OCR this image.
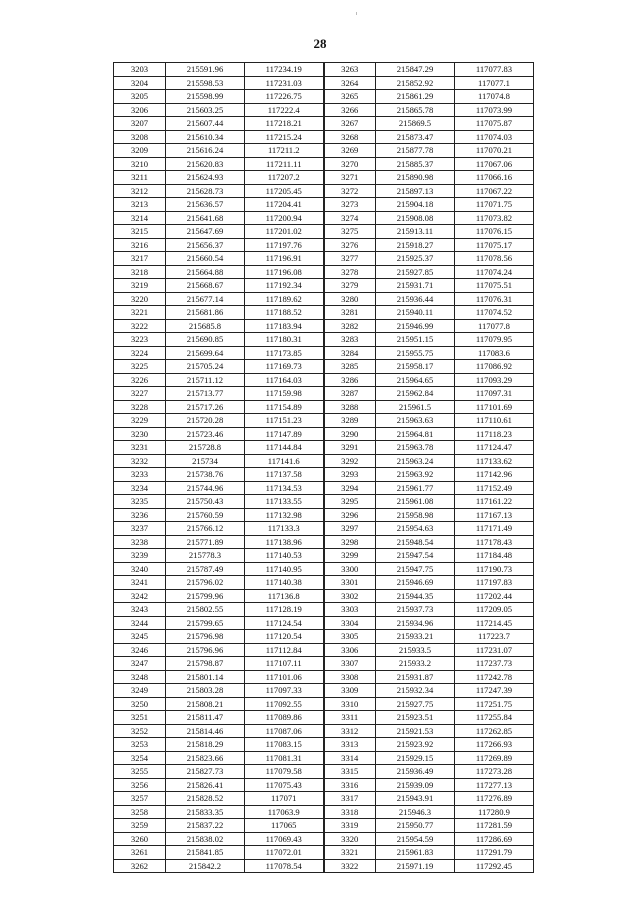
28
3203	215591.96	117234.19	3263	215847.29	117077.83
3204	215598.53	117231.03	3264	215852.92	117077.1
3205	215598.99	117226.75	3265	215861.29	117074.8
3206	215603.25	117222.4	3266	215865.78	117073.99
3207	215607.44	117218.21	3267	215869.5	117075.87
3208	215610.34	117215.24	3268	215873.47	117074.03
3209	215616.24	117211.2	3269	215877.78	117070.21
3210	215620.83	117211.11	3270	215885.37	117067.06
3211	215624.93	117207.2	3271	215890.98	117066.16
3212	215628.73	117205.45	3272	215897.13	117067.22
3213	215636.57	117204.41	3273	215904.18	117071.75
3214	215641.68	117200.94	3274	215908.08	117073.82
3215	215647.69	117201.02	3275	215913.11	117076.15
3216	215656.37	117197.76	3276	215918.27	117075.17
3217	215660.54	117196.91	3277	215925.37	117078.56
3218	215664.88	117196.08	3278	215927.85	117074.24
3219	215668.67	117192.34	3279	215931.71	117075.51
3220	215677.14	117189.62	3280	215936.44	117076.31
3221	215681.86	117188.52	3281	215940.11	117074.52
3222	215685.8	117183.94	3282	215946.99	117077.8
3223	215690.85	117180.31	3283	215951.15	117079.95
3224	215699.64	117173.85	3284	215955.75	117083.6
3225	215705.24	117169.73	3285	215958.17	117086.92
3226	215711.12	117164.03	3286	215964.65	117093.29
3227	215713.77	117159.98	3287	215962.84	117097.31
3228	215717.26	117154.89	3288	215961.5	117101.69
3229	215720.28	117151.23	3289	215963.63	117110.61
3230	215723.46	117147.89	3290	215964.81	117118.23
3231	215728.8	117144.84	3291	215963.78	117124.47
3232	215734	117141.6	3292	215963.24	117133.62
3233	215738.76	117137.58	3293	215963.92	117142.96
3234	215744.96	117134.53	3294	215961.77	117152.49
3235	215750.43	117133.55	3295	215961.08	117161.22
3236	215760.59	117132.98	3296	215958.98	117167.13
3237	215766.12	117133.3	3297	215954.63	117171.49
3238	215771.89	117138.96	3298	215948.54	117178.43
3239	215778.3	117140.53	3299	215947.54	117184.48
3240	215787.49	117140.95	3300	215947.75	117190.73
3241	215796.02	117140.38	3301	215946.69	117197.83
3242	215799.96	117136.8	3302	215944.35	117202.44
3243	215802.55	117128.19	3303	215937.73	117209.05
3244	215799.65	117124.54	3304	215934.96	117214.45
3245	215796.98	117120.54	3305	215933.21	117223.7
3246	215796.96	117112.84	3306	215933.5	117231.07
3247	215798.87	117107.11	3307	215933.2	117237.73
3248	215801.14	117101.06	3308	215931.87	117242.78
3249	215803.28	117097.33	3309	215932.34	117247.39
3250	215808.21	117092.55	3310	215927.75	117251.75
3251	215811.47	117089.86	3311	215923.51	117255.84
3252	215814.46	117087.06	3312	215921.53	117262.85
3253	215818.29	117083.15	3313	215923.92	117266.93
3254	215823.66	117081.31	3314	215929.15	117269.89
3255	215827.73	117079.58	3315	215936.49	117273.28
3256	215826.41	117075.43	3316	215939.09	117277.13
3257	215828.52	117071	3317	215943.91	117276.89
3258	215833.35	117063.9	3318	215946.3	117280.9
3259	215837.22	117065	3319	215950.77	117281.59
3260	215838.02	117069.43	3320	215954.59	117286.69
3261	215841.85	117072.01	3321	215961.83	117291.79
3262	215842.2	117078.54	3322	215971.19	117292.45
